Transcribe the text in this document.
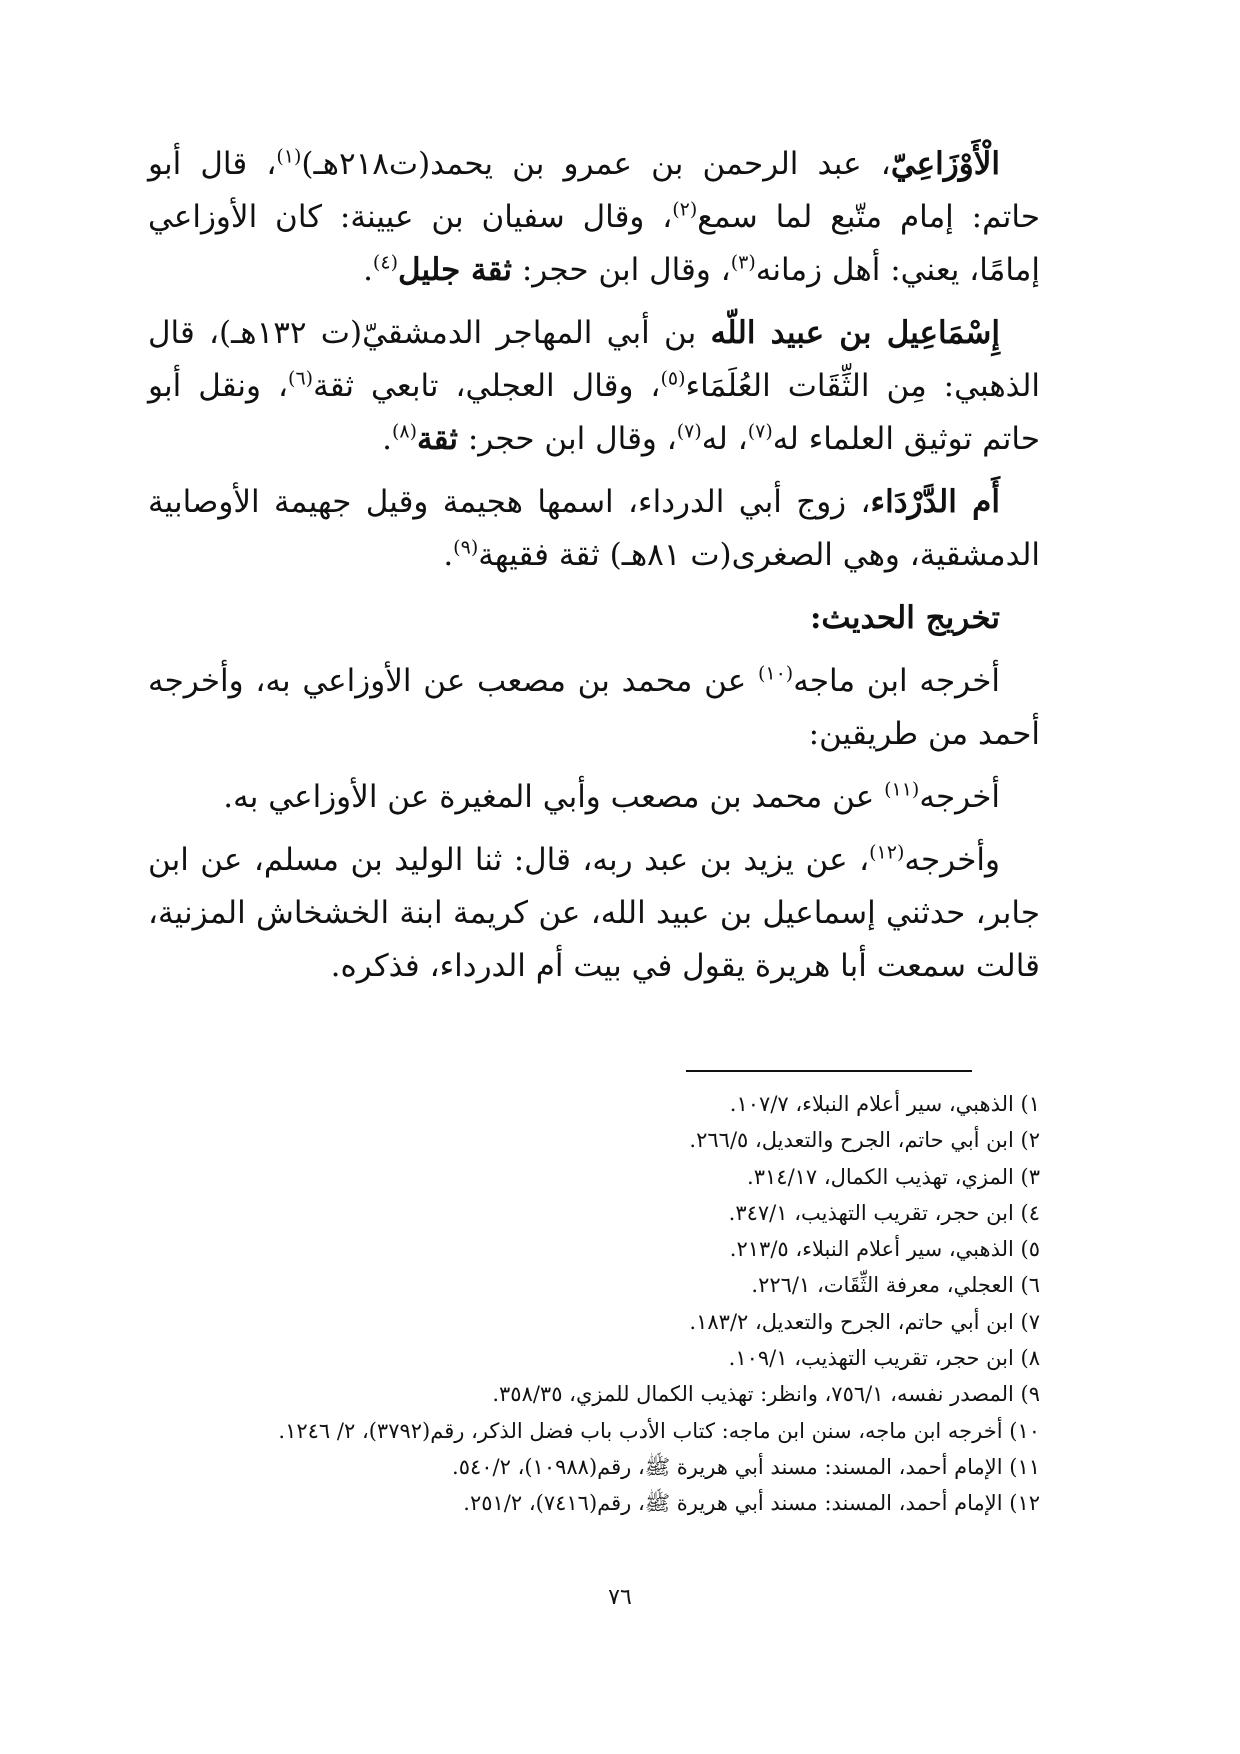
الْأَوْزَاعِيّ، عبد الرحمن بن عمرو بن يحمد(ت٢١٨هـ)$^{(١)}$، قال أبو حاتم: إمام متّبع لما سمع$^{(٢)}$، وقال سفيان بن عيينة: كان الأوزاعي إمامًا، يعني: أهل زمانه$^{(٣)}$، وقال ابن حجر: ثقة جليل$^{(٤)}$.

إِسْمَاعِيل بن عبيد اللّه بن أبي المهاجر الدمشقيّ(ت ١٣٢هـ)، قال الذهبي: مِن الثِّقَات العُلَمَاء$^{(٥)}$، وقال العجلي، تابعي ثقة$^{(٦)}$، ونقل أبو حاتم توثيق العلماء له$^{(٧)}$، له$^{(٧)}$، وقال ابن حجر: ثقة$^{(٨)}$.

أَم الدَّرْدَاء، زوج أبي الدرداء، اسمها هجيمة وقيل جهيمة الأوصابية الدمشقية، وهي الصغرى(ت ٨١هـ) ثقة فقيهة$^{(٩)}$.

تخريج الحديث:

أخرجه ابن ماجه$^{(١٠)}$ عن محمد بن مصعب عن الأوزاعي به، وأخرجه أحمد من طريقين:

أخرجه$^{(١١)}$ عن محمد بن مصعب وأبي المغيرة عن الأوزاعي به.

وأخرجه$^{(١٢)}$، عن يزيد بن عبد ربه، قال: ثنا الوليد بن مسلم، عن ابن جابر، حدثني إسماعيل بن عبيد الله، عن كريمة ابنة الخشخاش المزنية، قالت سمعت أبا هريرة يقول في بيت أم الدرداء، فذكره.

١) الذهبي، سير أعلام النبلاء، ١٠٧/٧.
٢) ابن أبي حاتم، الجرح والتعديل، ٢٦٦/٥.
٣) المزي، تهذيب الكمال، ٣١٤/١٧.
٤) ابن حجر، تقريب التهذيب، ٣٤٧/١.
٥) الذهبي، سير أعلام النبلاء، ٢١٣/٥.
٦) العجلي، معرفة الثِّقَات، ٢٢٦/١.
٧) ابن أبي حاتم، الجرح والتعديل، ١٨٣/٢.
٨) ابن حجر، تقريب التهذيب، ١٠٩/١.
٩) المصدر نفسه، ٧٥٦/١، وانظر: تهذيب الكمال للمزي، ٣٥٨/٣٥.
١٠) أخرجه ابن ماجه، سنن ابن ماجه: كتاب الأدب باب فضل الذكر، رقم(٣٧٩٢)، ٢/ ١٢٤٦.
١١) الإمام أحمد، المسند: مسند أبي هريرة ﷺ، رقم(١٠٩٨٨)، ٥٤٠/٢.
١٢) الإمام أحمد، المسند: مسند أبي هريرة ﷺ، رقم(٧٤١٦)، ٢٥١/٢.
٧٦
